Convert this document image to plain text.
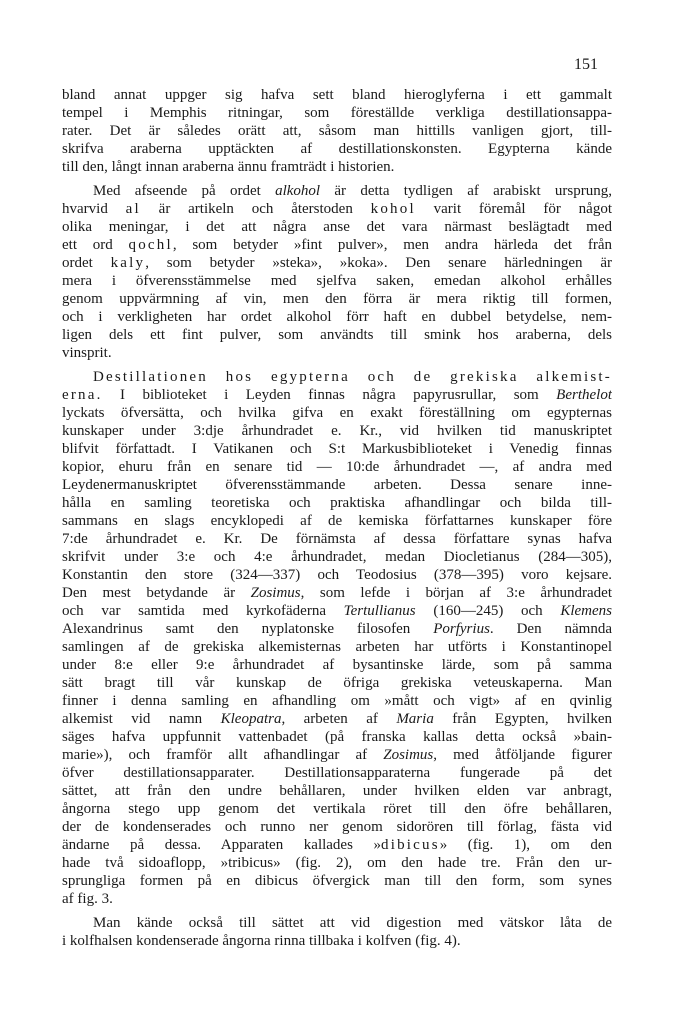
151
bland annat uppger sig hafva sett bland hieroglyferna i ett gammalt
tempel i Memphis ritningar, som föreställde verkliga destillationsappa-
rater. Det är således orätt att, såsom man hittills vanligen gjort, till-
skrifva araberna upptäckten af destillationskonsten. Egypterna kände
till den, långt innan araberna ännu framträdt i historien.
Med afseende på ordet alkohol är detta tydligen af arabiskt ursprung,
hvarvid al är artikeln och återstoden kohol varit föremål för något
olika meningar, i det att några anse det vara närmast beslägtadt med
ett ord qochl, som betyder »fint pulver», men andra härleda det från
ordet kaly, som betyder »steka», »koka». Den senare härledningen är
mera i öfverensstämmelse med sjelfva saken, emedan alkohol erhålles
genom uppvärmning af vin, men den förra är mera riktig till formen,
och i verkligheten har ordet alkohol förr haft en dubbel betydelse, nem-
ligen dels ett fint pulver, som användts till smink hos araberna, dels
vinsprit.
Destillationen hos egypterna och de grekiska alkemist-
erna. I biblioteket i Leyden finnas några papyrusrullar, som Berthelot
lyckats öfversätta, och hvilka gifva en exakt föreställning om egypternas
kunskaper under 3:dje århundradet e. Kr., vid hvilken tid manuskriptet
blifvit författadt. I Vatikanen och S:t Markusbiblioteket i Venedig finnas
kopior, ehuru från en senare tid — 10:de århundradet —, af andra med
Leydenermanuskriptet öfverensstämmande arbeten. Dessa senare inne-
hålla en samling teoretiska och praktiska afhandlingar och bilda till-
sammans en slags encyklopedi af de kemiska författarnes kunskaper före
7:de århundradet e. Kr. De förnämsta af dessa författare synas hafva
skrifvit under 3:e och 4:e århundradet, medan Diocletianus (284—305),
Konstantin den store (324—337) och Teodosius (378—395) voro kejsare.
Den mest betydande är Zosimus, som lefde i början af 3:e århundradet
och var samtida med kyrkofäderna Tertullianus (160—245) och Klemens
Alexandrinus samt den nyplatonske filosofen Porfyrius. Den nämnda
samlingen af de grekiska alkemisternas arbeten har utförts i Konstantinopel
under 8:e eller 9:e århundradet af bysantinske lärde, som på samma
sätt bragt till vår kunskap de öfriga grekiska veteuskaperna. Man
finner i denna samling en afhandling om »mått och vigt» af en qvinlig
alkemist vid namn Kleopatra, arbeten af Maria från Egypten, hvilken
säges hafva uppfunnit vattenbadet (på franska kallas detta också »bain-
marie»), och framför allt afhandlingar af Zosimus, med åtföljande figurer
öfver destillationsapparater. Destillationsapparaterna fungerade på det
sättet, att från den undre behållaren, under hvilken elden var anbragt,
ångorna stego upp genom det vertikala röret till den öfre behållaren,
der de kondenserades och runno ner genom sidorören till förlag, fästa vid
ändarne på dessa. Apparaten kallades »dibicus» (fig. 1), om den
hade två sidoaflopp, »tribicus» (fig. 2), om den hade tre. Från den ur-
sprungliga formen på en dibicus öfvergick man till den form, som synes
af fig. 3.
Man kände också till sättet att vid digestion med vätskor låta de
i kolfhalsen kondenserade ångorna rinna tillbaka i kolfven (fig. 4).
